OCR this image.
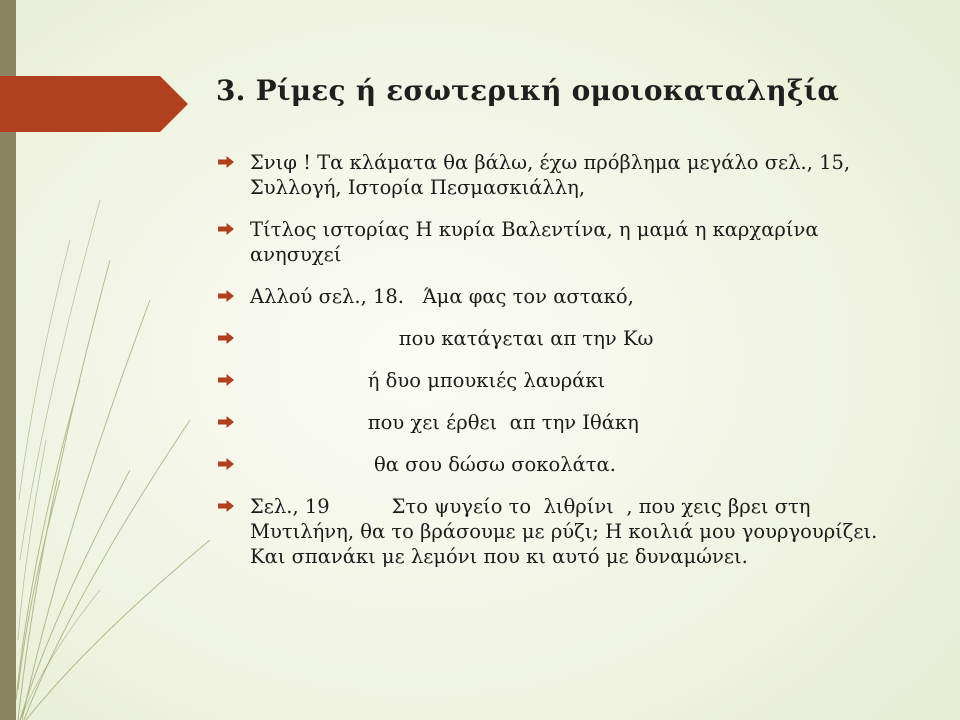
3. Ρίμες ή εσωτερική ομοιοκαταληξία
Σνιφ ! Τα κλάματα θα βάλω, έχω πρόβλημα μεγάλο σελ., 15, Συλλογή, Ιστορία Πεσμασκιάλλη,
Τίτλος ιστορίας Η κυρία Βαλεντίνα, η μαμά η καρχαρίνα ανησυχεί
Αλλού σελ., 18.   Άμα φας τον αστακό,
που κατάγεται απ την Κω
ή δυο μπουκιές λαυράκι
που χει έρθει  απ την Ιθάκη
θα σου δώσω σοκολάτα.
Σελ., 19          Στο ψυγείο το  λιθρίνι  , που χεις βρει στη Μυτιλήνη, θα το βράσουμε με ρύζι; Η κοιλιά μου γουργουρίζει. Και σπανάκι με λεμόνι που κι αυτό με δυναμώνει.
